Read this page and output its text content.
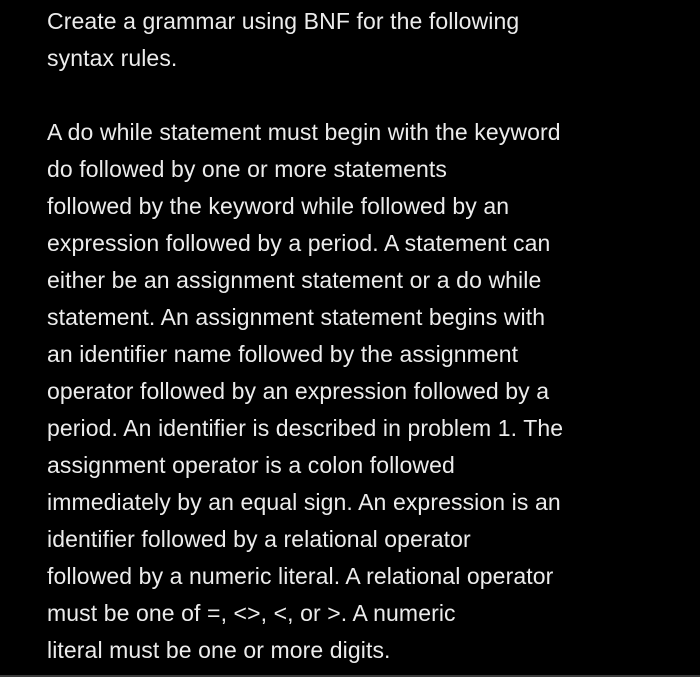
Create a grammar using BNF for the following
syntax rules.
A do while statement must begin with the keyword
do followed by one or more statements
followed by the keyword while followed by an
expression followed by a period. A statement can
either be an assignment statement or a do while
statement. An assignment statement begins with
an identifier name followed by the assignment
operator followed by an expression followed by a
period. An identifier is described in problem 1. The
assignment operator is a colon followed
immediately by an equal sign. An expression is an
identifier followed by a relational operator
followed by a numeric literal. A relational operator
must be one of =, <>, <, or >. A numeric
literal must be one or more digits.
